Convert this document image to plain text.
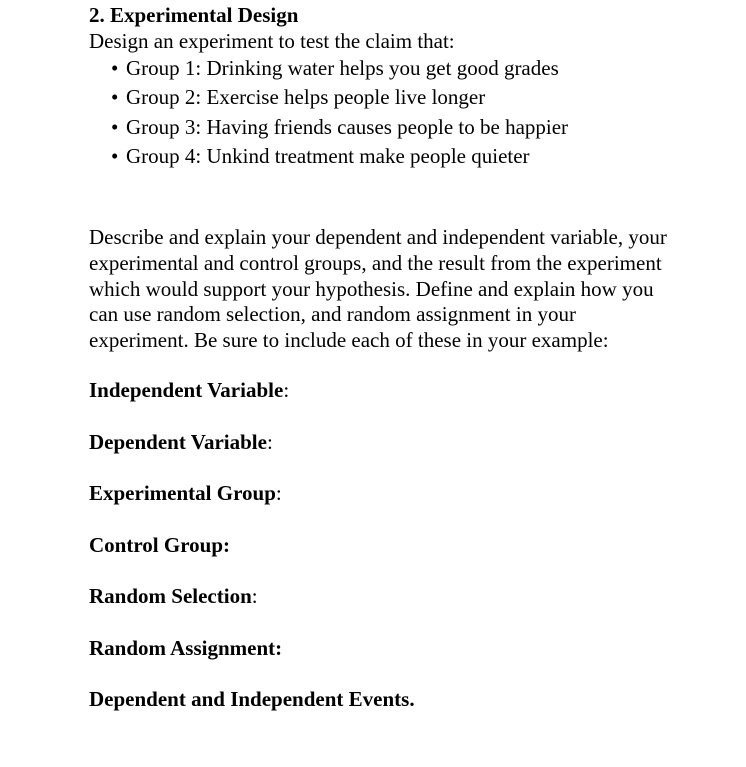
2. Experimental Design

Design an experiment to test the claim that:

• Group 1: Drinking water helps you get good grades
• Group 2: Exercise helps people live longer
• Group 3: Having friends causes people to be happier
• Group 4: Unkind treatment make people quieter

Describe and explain your dependent and independent variable, your experimental and control groups, and the result from the experiment which would support your hypothesis. Define and explain how you can use random selection, and random assignment in your experiment. Be sure to include each of these in your example:

Independent Variable:
Dependent Variable:
Experimental Group:
Control Group:
Random Selection:
Random Assignment:
Dependent and Independent Events.
